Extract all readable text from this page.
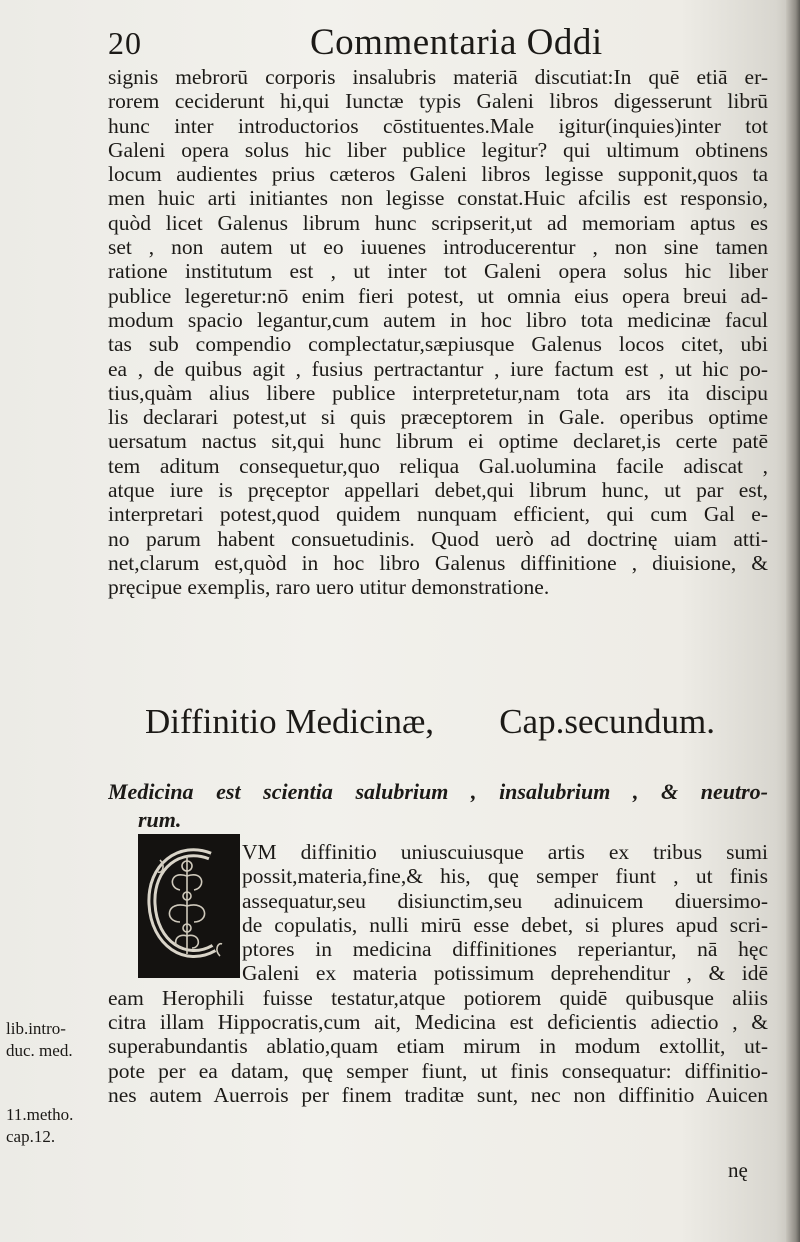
20	Commentaria Oddi
signis mebrorū corporis insalubris materiā discutiat:In quē etiā er-
rorem ceciderunt hi,qui Iunctæ typis Galeni libros digesserunt librū
hunc inter introductorios cōstituentes.Male igitur(inquies)inter tot
Galeni opera solus hic liber publice legitur? qui ultimum obtinens
locum audientes prius cæteros Galeni libros legisse supponit,quos ta
men huic arti initiantes non legisse constat.Huic afcilis est responsio,
quòd licet Galenus librum hunc scripserit,ut ad memoriam aptus es
set , non autem ut eo iuuenes introducerentur , non sine tamen
ratione institutum est , ut inter tot Galeni opera solus hic liber
publice legeretur:nō enim fieri potest, ut omnia eius opera breui ad-
modum spacio legantur,cum autem in hoc libro tota medicinæ facul
tas sub compendio complectatur,sæpiusque Galenus locos citet, ubi
ea , de quibus agit , fusius pertractantur , iure factum est , ut hic po-
tius,quàm alius libere publice interpretetur,nam tota ars ita discipu
lis declarari potest,ut si quis præceptorem in Gale. operibus optime
uersatum nactus sit,qui hunc librum ei optime declaret,is certe patē
tem aditum consequetur,quo reliqua Gal.uolumina facile adiscat ,
atque iure is pręceptor appellari debet,qui librum hunc, ut par est,
interpretari potest,quod quidem nunquam efficient, qui cum Gal e-
no parum habent consuetudinis. Quod uerò ad doctrinę uiam atti-
net,clarum est,quòd in hoc libro Galenus diffinitione , diuisione, &
pręcipue exemplis, raro uero utitur demonstratione.
Diffinitio Medicinæ, Cap.secundum.
Medicina est scientia salubrium , insalubrium , & neutro-
rum.
VM diffinitio uniuscuiusque artis ex tribus sumi
possit,materia,fine,& his, quę semper fiunt , ut finis
assequatur,seu disiunctim,seu adinuicem diuersimo-
de copulatis, nulli mirū esse debet, si plures apud scri-
ptores in medicina diffinitiones reperiantur, nā hęc
Galeni ex materia potissimum deprehenditur , & idē
eam Herophili fuisse testatur,atque potiorem quidē quibusque aliis
citra illam Hippocratis,cum ait, Medicina est deficientis adiectio , &
superabundantis ablatio,quam etiam mirum in modum extollit, ut-
pote per ea datam, quę semper fiunt, ut finis consequatur: diffinitio-
nes autem Auerrois per finem traditæ sunt, nec non diffinitio Auicen
lib.intro-
duc. med.
11.metho.
cap.12.
nę
